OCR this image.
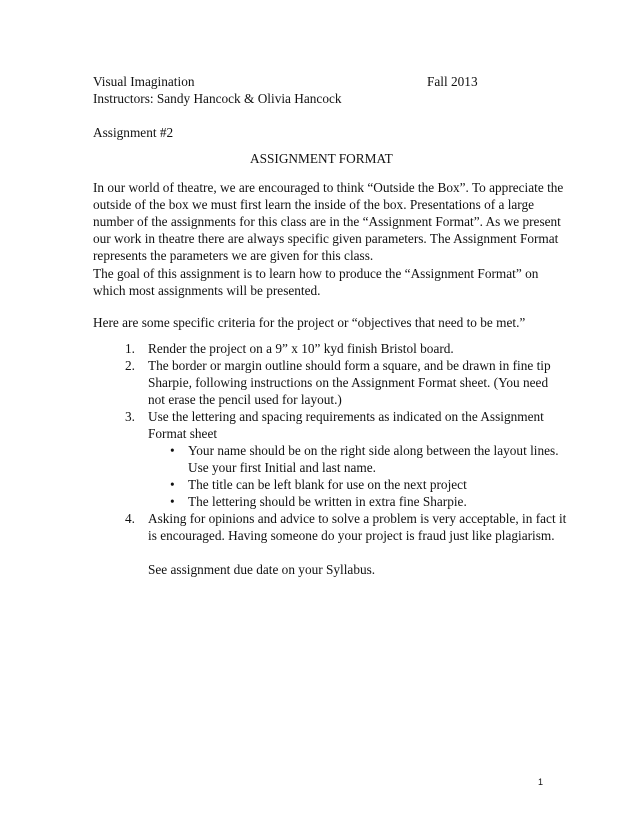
Visual Imagination	Fall 2013
Instructors: Sandy Hancock & Olivia Hancock
Assignment #2
ASSIGNMENT FORMAT
In our world of theatre, we are encouraged to think “Outside the Box”. To appreciate the
outside of the box we must first learn the inside of the box. Presentations of a large
number of the assignments for this class are in the “Assignment Format”. As we present
our work in theatre there are always specific given parameters. The Assignment Format
represents the parameters we are given for this class.
The goal of this assignment is to learn how to produce the “Assignment Format” on
which most assignments will be presented.
Here are some specific criteria for the project or “objectives that need to be met.”
1. Render the project on a 9” x 10” kyd finish Bristol board.
2. The border or margin outline should form a square, and be drawn in fine tip
Sharpie, following instructions on the Assignment Format sheet. (You need
not erase the pencil used for layout.)
3. Use the lettering and spacing requirements as indicated on the Assignment
Format sheet
• Your name should be on the right side along between the layout lines.
Use your first Initial and last name.
• The title can be left blank for use on the next project
• The lettering should be written in extra fine Sharpie.
4. Asking for opinions and advice to solve a problem is very acceptable, in fact it
is encouraged. Having someone do your project is fraud just like plagiarism.
See assignment due date on your Syllabus.
1
